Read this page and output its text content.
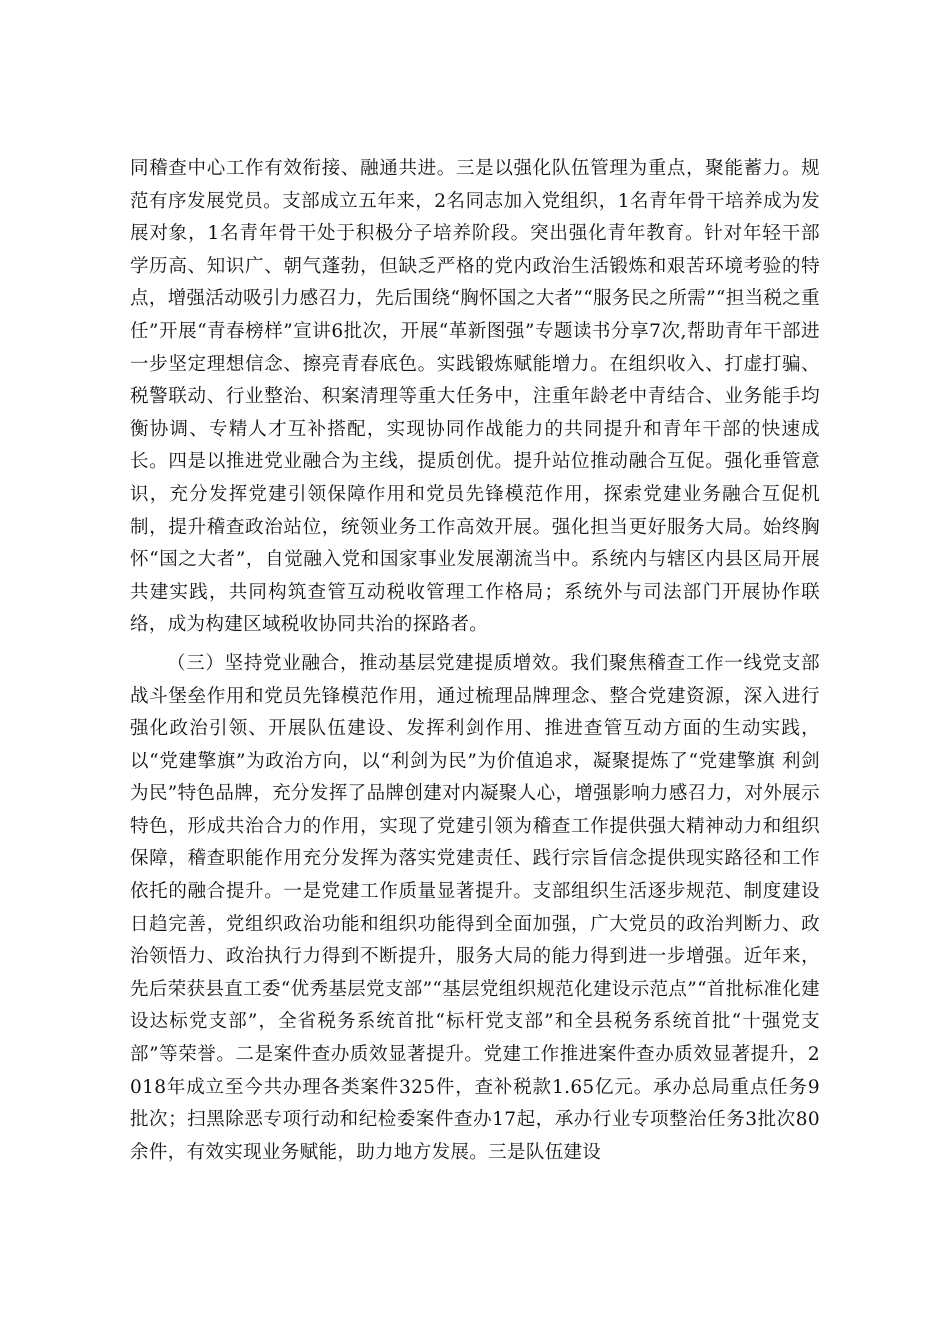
同稽查中心工作有效衔接、融通共进。三是以强化队伍管理为重点，聚能蓄力。规范有序发展党员。支部成立五年来，2名同志加入党组织，1名青年骨干培养成为发展对象，1名青年骨干处于积极分子培养阶段。突出强化青年教育。针对年轻干部学历高、知识广、朝气蓬勃，但缺乏严格的党内政治生活锻炼和艰苦环境考验的特点，增强活动吸引力感召力，先后围绕“胸怀国之大者”“服务民之所需”“担当税之重任”开展“青春榜样”宣讲6批次，开展“革新图强”专题读书分享7次,帮助青年干部进一步坚定理想信念、擦亮青春底色。实践锻炼赋能增力。在组织收入、打虚打骗、税警联动、行业整治、积案清理等重大任务中，注重年龄老中青结合、业务能手均衡协调、专精人才互补搭配，实现协同作战能力的共同提升和青年干部的快速成长。四是以推进党业融合为主线，提质创优。提升站位推动融合互促。强化垂管意识，充分发挥党建引领保障作用和党员先锋模范作用，探索党建业务融合互促机制，提升稽查政治站位，统领业务工作高效开展。强化担当更好服务大局。始终胸怀“国之大者”，自觉融入党和国家事业发展潮流当中。系统内与辖区内县区局开展共建实践，共同构筑查管互动税收管理工作格局；系统外与司法部门开展协作联络，成为构建区域税收协同共治的探路者。

（三）坚持党业融合，推动基层党建提质增效。我们聚焦稽查工作一线党支部战斗堡垒作用和党员先锋模范作用，通过梳理品牌理念、整合党建资源，深入进行强化政治引领、开展队伍建设、发挥利剑作用、推进查管互动方面的生动实践，以“党建擎旗”为政治方向，以“利剑为民”为价值追求，凝聚提炼了“党建擎旗 利剑为民”特色品牌，充分发挥了品牌创建对内凝聚人心，增强影响力感召力，对外展示特色，形成共治合力的作用，实现了党建引领为稽查工作提供强大精神动力和组织保障，稽查职能作用充分发挥为落实党建责任、践行宗旨信念提供现实路径和工作依托的融合提升。一是党建工作质量显著提升。支部组织生活逐步规范、制度建设日趋完善，党组织政治功能和组织功能得到全面加强，广大党员的政治判断力、政治领悟力、政治执行力得到不断提升，服务大局的能力得到进一步增强。近年来，先后荣获县直工委“优秀基层党支部”“基层党组织规范化建设示范点”“首批标准化建设达标党支部”，全省税务系统首批“标杆党支部”和全县税务系统首批“十强党支部”等荣誉。二是案件查办质效显著提升。党建工作推进案件查办质效显著提升，2018年成立至今共办理各类案件325件，查补税款1.65亿元。承办总局重点任务9批次；扫黑除恶专项行动和纪检委案件查办17起，承办行业专项整治任务3批次80余件，有效实现业务赋能，助力地方发展。三是队伍建设
